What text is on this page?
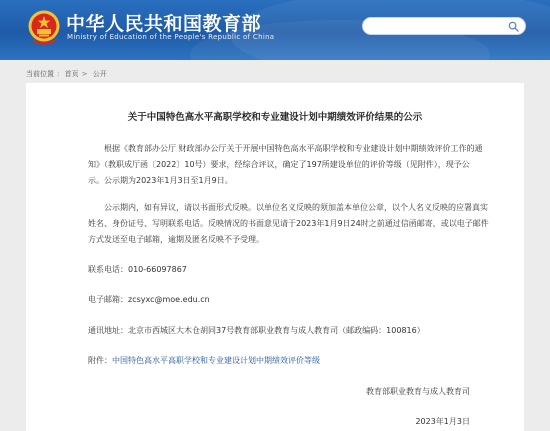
中华人民共和国教育部
Ministry of Education of the People's Republic of China
当前位置 : 首页 > 公开
关于中国特色高水平高职学校和专业建设计划中期绩效评价结果的公示
根据《教育部办公厅 财政部办公厅关于开展中国特色高水平高职学校和专业建设计划中期绩效评价工作的通
知》（教职成厅函〔2022〕10号）要求，经综合评议，确定了197所建设单位的评价等级（见附件），现予公
示。公示期为2023年1月3日至1月9日。
公示期内，如有异议，请以书面形式反映。以单位名义反映的须加盖本单位公章，以个人名义反映的应署真实
姓名、身份证号、写明联系电话。反映情况的书面意见请于2023年1月9日24时之前通过信函邮寄，或以电子邮件
方式发送至电子邮箱，逾期及匿名反映不予受理。
联系电话：010-66097867
电子邮箱：zcsyxc@moe.edu.cn
通讯地址：北京市西城区大木仓胡同37号教育部职业教育与成人教育司（邮政编码：100816）
附件：中国特色高水平高职学校和专业建设计划中期绩效评价等级
教育部职业教育与成人教育司
2023年1月3日
